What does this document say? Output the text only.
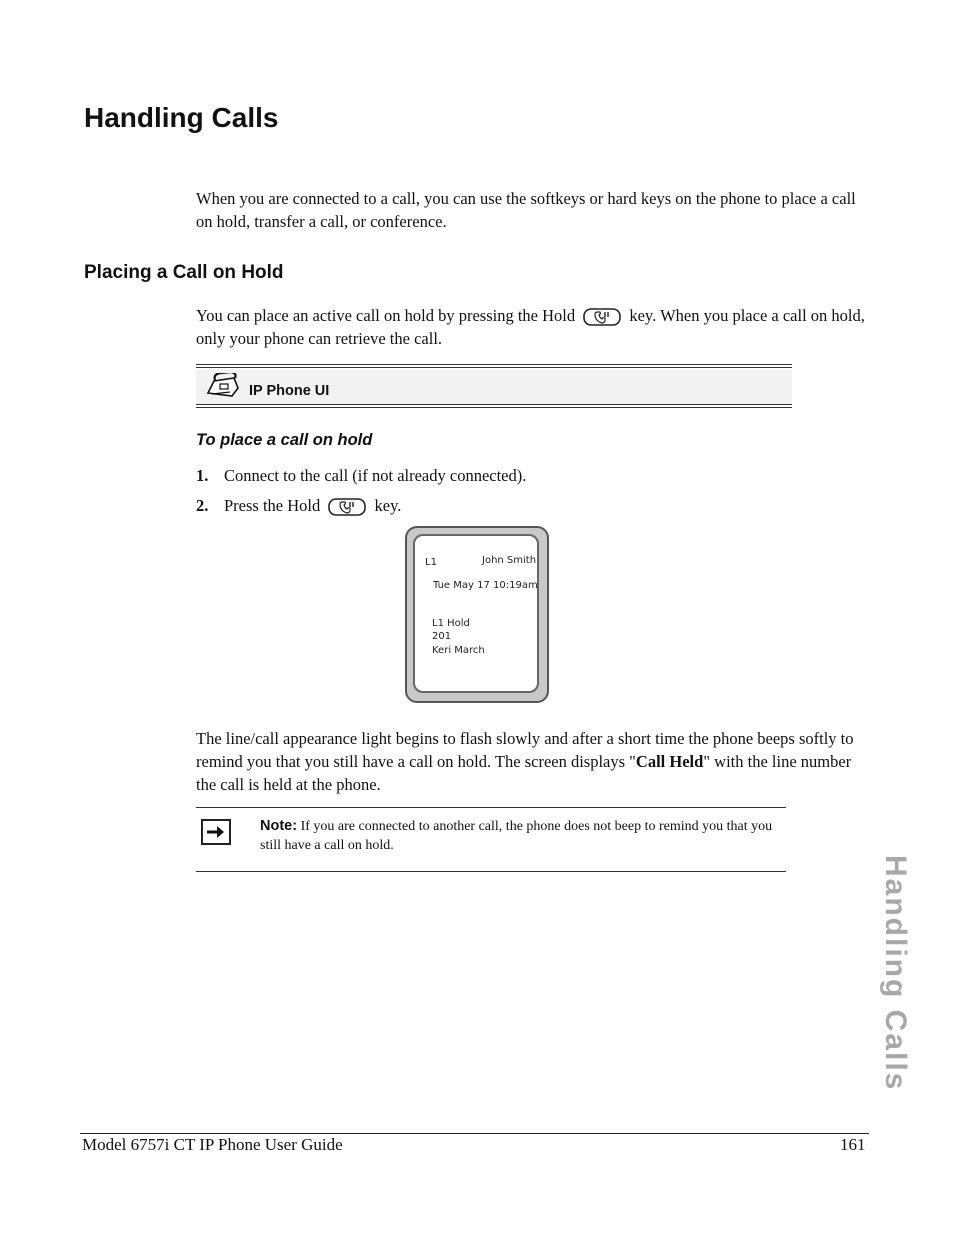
Handling Calls
When you are connected to a call, you can use the softkeys or hard keys on the phone to place a call on hold, transfer a call, or conference.
Placing a Call on Hold
You can place an active call on hold by pressing the Hold	key. When you place a call on hold, only your phone can retrieve the call.
IP Phone UI
To place a call on hold
1. Connect to the call (if not already connected).
2. Press the Hold	key.
L1	John Smith
Tue May 17 10:19am
L1 Hold
201
Keri March
The line/call appearance light begins to flash slowly and after a short time the phone beeps softly to remind you that you still have a call on hold. The screen displays "Call Held" with the line number the call is held at the phone.
Note: If you are connected to another call, the phone does not beep to remind you that you still have a call on hold.
Handling Calls
Model 6757i CT IP Phone User Guide	161
